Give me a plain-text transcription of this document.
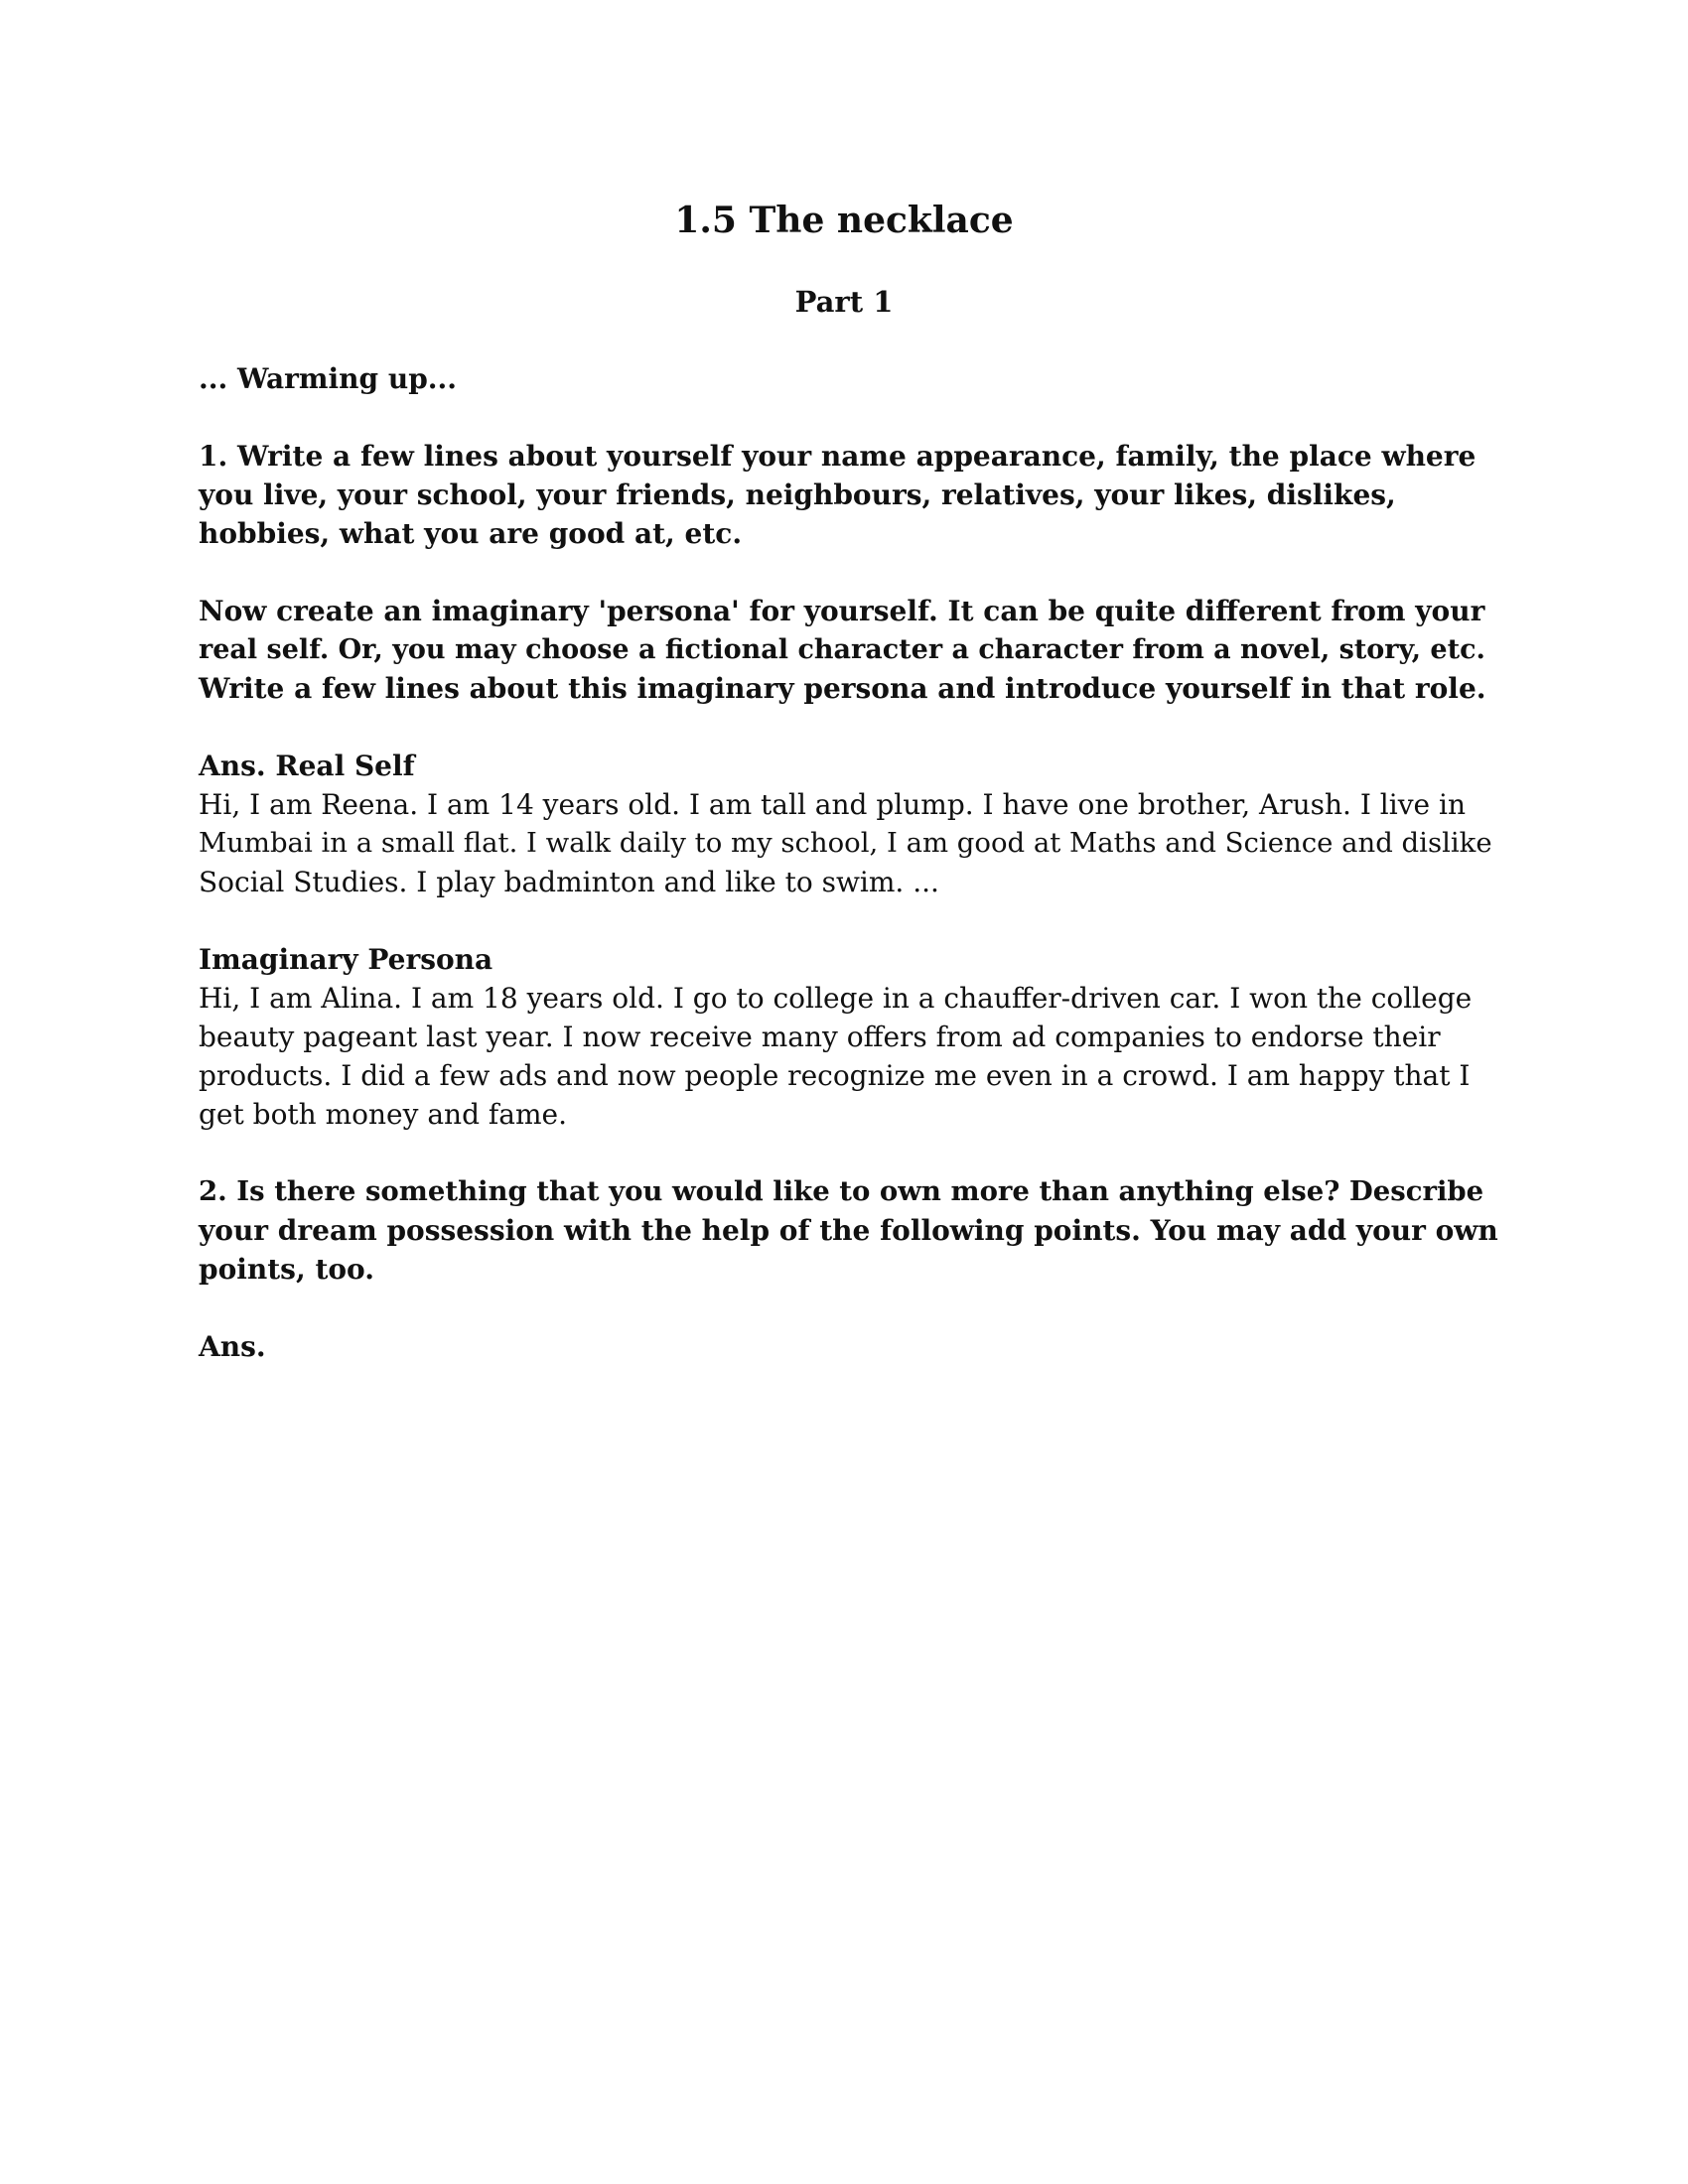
1.5 The necklace
Part 1
... Warming up...
1. Write a few lines about yourself your name appearance, family, the place where
you live, your school, your friends, neighbours, relatives, your likes, dislikes,
hobbies, what you are good at, etc.
Now create an imaginary 'persona' for yourself. It can be quite different from your
real self. Or, you may choose a fictional character a character from a novel, story, etc.
Write a few lines about this imaginary persona and introduce yourself in that role.
Ans. Real Self
Hi, I am Reena. I am 14 years old. I am tall and plump. I have one brother, Arush. I live in
Mumbai in a small flat. I walk daily to my school, I am good at Maths and Science and dislike
Social Studies. I play badminton and like to swim. ...
Imaginary Persona
Hi, I am Alina. I am 18 years old. I go to college in a chauffer-driven car. I won the college
beauty pageant last year. I now receive many offers from ad companies to endorse their
products. I did a few ads and now people recognize me even in a crowd. I am happy that I
get both money and fame.
2. Is there something that you would like to own more than anything else? Describe
your dream possession with the help of the following points. You may add your own
points, too.
Ans.
